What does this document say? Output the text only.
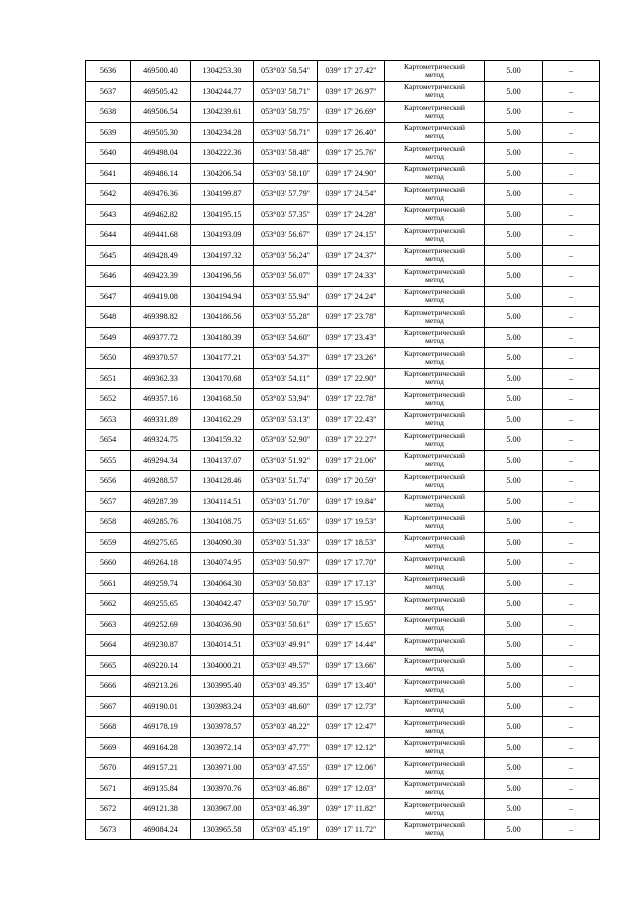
5636	469500.40	1304253.30	053°03' 58.54"	039° 17' 27.42"	Картометрический
метод	5.00	–
5637	469505.42	1304244.77	053°03' 58.71"	039° 17' 26.97"	Картометрический
метод	5.00	–
5638	469506.54	1304239.61	053°03' 58.75"	039° 17' 26.69"	Картометрический
метод	5.00	–
5639	469505.30	1304234.28	053°03' 58.71"	039° 17' 26.40"	Картометрический
метод	5.00	–
5640	469498.04	1304222.36	053°03' 58.48"	039° 17' 25.76"	Картометрический
метод	5.00	–
5641	469486.14	1304206.54	053°03' 58.10"	039° 17' 24.90"	Картометрический
метод	5.00	–
5642	469476.36	1304199.87	053°03' 57.79"	039° 17' 24.54"	Картометрический
метод	5.00	–
5643	469462.82	1304195.15	053°03' 57.35"	039° 17' 24.28"	Картометрический
метод	5.00	–
5644	469441.68	1304193.09	053°03' 56.67"	039° 17' 24.15"	Картометрический
метод	5.00	–
5645	469428.49	1304197.32	053°03' 56.24"	039° 17' 24.37"	Картометрический
метод	5.00	–
5646	469423.39	1304196.56	053°03' 56.07"	039° 17' 24.33"	Картометрический
метод	5.00	–
5647	469419.08	1304194.94	053°03' 55.94"	039° 17' 24.24"	Картометрический
метод	5.00	–
5648	469398.82	1304186.56	053°03' 55.28"	039° 17' 23.78"	Картометрический
метод	5.00	–
5649	469377.72	1304180.39	053°03' 54.60"	039° 17' 23.43"	Картометрический
метод	5.00	–
5650	469370.57	1304177.21	053°03' 54.37"	039° 17' 23.26"	Картометрический
метод	5.00	–
5651	469362.33	1304170.68	053°03' 54.11"	039° 17' 22.90"	Картометрический
метод	5.00	–
5652	469357.16	1304168.50	053°03' 53.94"	039° 17' 22.78"	Картометрический
метод	5.00	–
5653	469331.89	1304162.29	053°03' 53.13"	039° 17' 22.43"	Картометрический
метод	5.00	–
5654	469324.75	1304159.32	053°03' 52.90"	039° 17' 22.27"	Картометрический
метод	5.00	–
5655	469294.34	1304137.07	053°03' 51.92"	039° 17' 21.06"	Картометрический
метод	5.00	–
5656	469288.57	1304128.46	053°03' 51.74"	039° 17' 20.59"	Картометрический
метод	5.00	–
5657	469287.39	1304114.51	053°03' 51.70"	039° 17' 19.84"	Картометрический
метод	5.00	–
5658	469285.76	1304108.75	053°03' 51.65"	039° 17' 19.53"	Картометрический
метод	5.00	–
5659	469275.65	1304090.30	053°03' 51.33"	039° 17' 18.53"	Картометрический
метод	5.00	–
5660	469264.18	1304074.95	053°03' 50.97"	039° 17' 17.70"	Картометрический
метод	5.00	–
5661	469259.74	1304064.30	053°03' 50.83"	039° 17' 17.13"	Картометрический
метод	5.00	–
5662	469255.65	1304042.47	053°03' 50.70"	039° 17' 15.95"	Картометрический
метод	5.00	–
5663	469252.69	1304036.90	053°03' 50.61"	039° 17' 15.65"	Картометрический
метод	5.00	–
5664	469230.87	1304014.51	053°03' 49.91"	039° 17' 14.44"	Картометрический
метод	5.00	–
5665	469220.14	1304000.21	053°03' 49.57"	039° 17' 13.66"	Картометрический
метод	5.00	–
5666	469213.26	1303995.40	053°03' 49.35"	039° 17' 13.40"	Картометрический
метод	5.00	–
5667	469190.01	1303983.24	053°03' 48.60"	039° 17' 12.73"	Картометрический
метод	5.00	–
5668	469178.19	1303978.57	053°03' 48.22"	039° 17' 12.47"	Картометрический
метод	5.00	–
5669	469164.28	1303972.14	053°03' 47.77"	039° 17' 12.12"	Картометрический
метод	5.00	–
5670	469157.21	1303971.00	053°03' 47.55"	039° 17' 12.06"	Картометрический
метод	5.00	–
5671	469135.84	1303970.76	053°03' 46.86"	039° 17' 12.03"	Картометрический
метод	5.00	–
5672	469121.38	1303967.00	053°03' 46.39"	039° 17' 11.82"	Картометрический
метод	5.00	–
5673	469084.24	1303965.58	053°03' 45.19"	039° 17' 11.72"	Картометрический
метод	5.00	–
